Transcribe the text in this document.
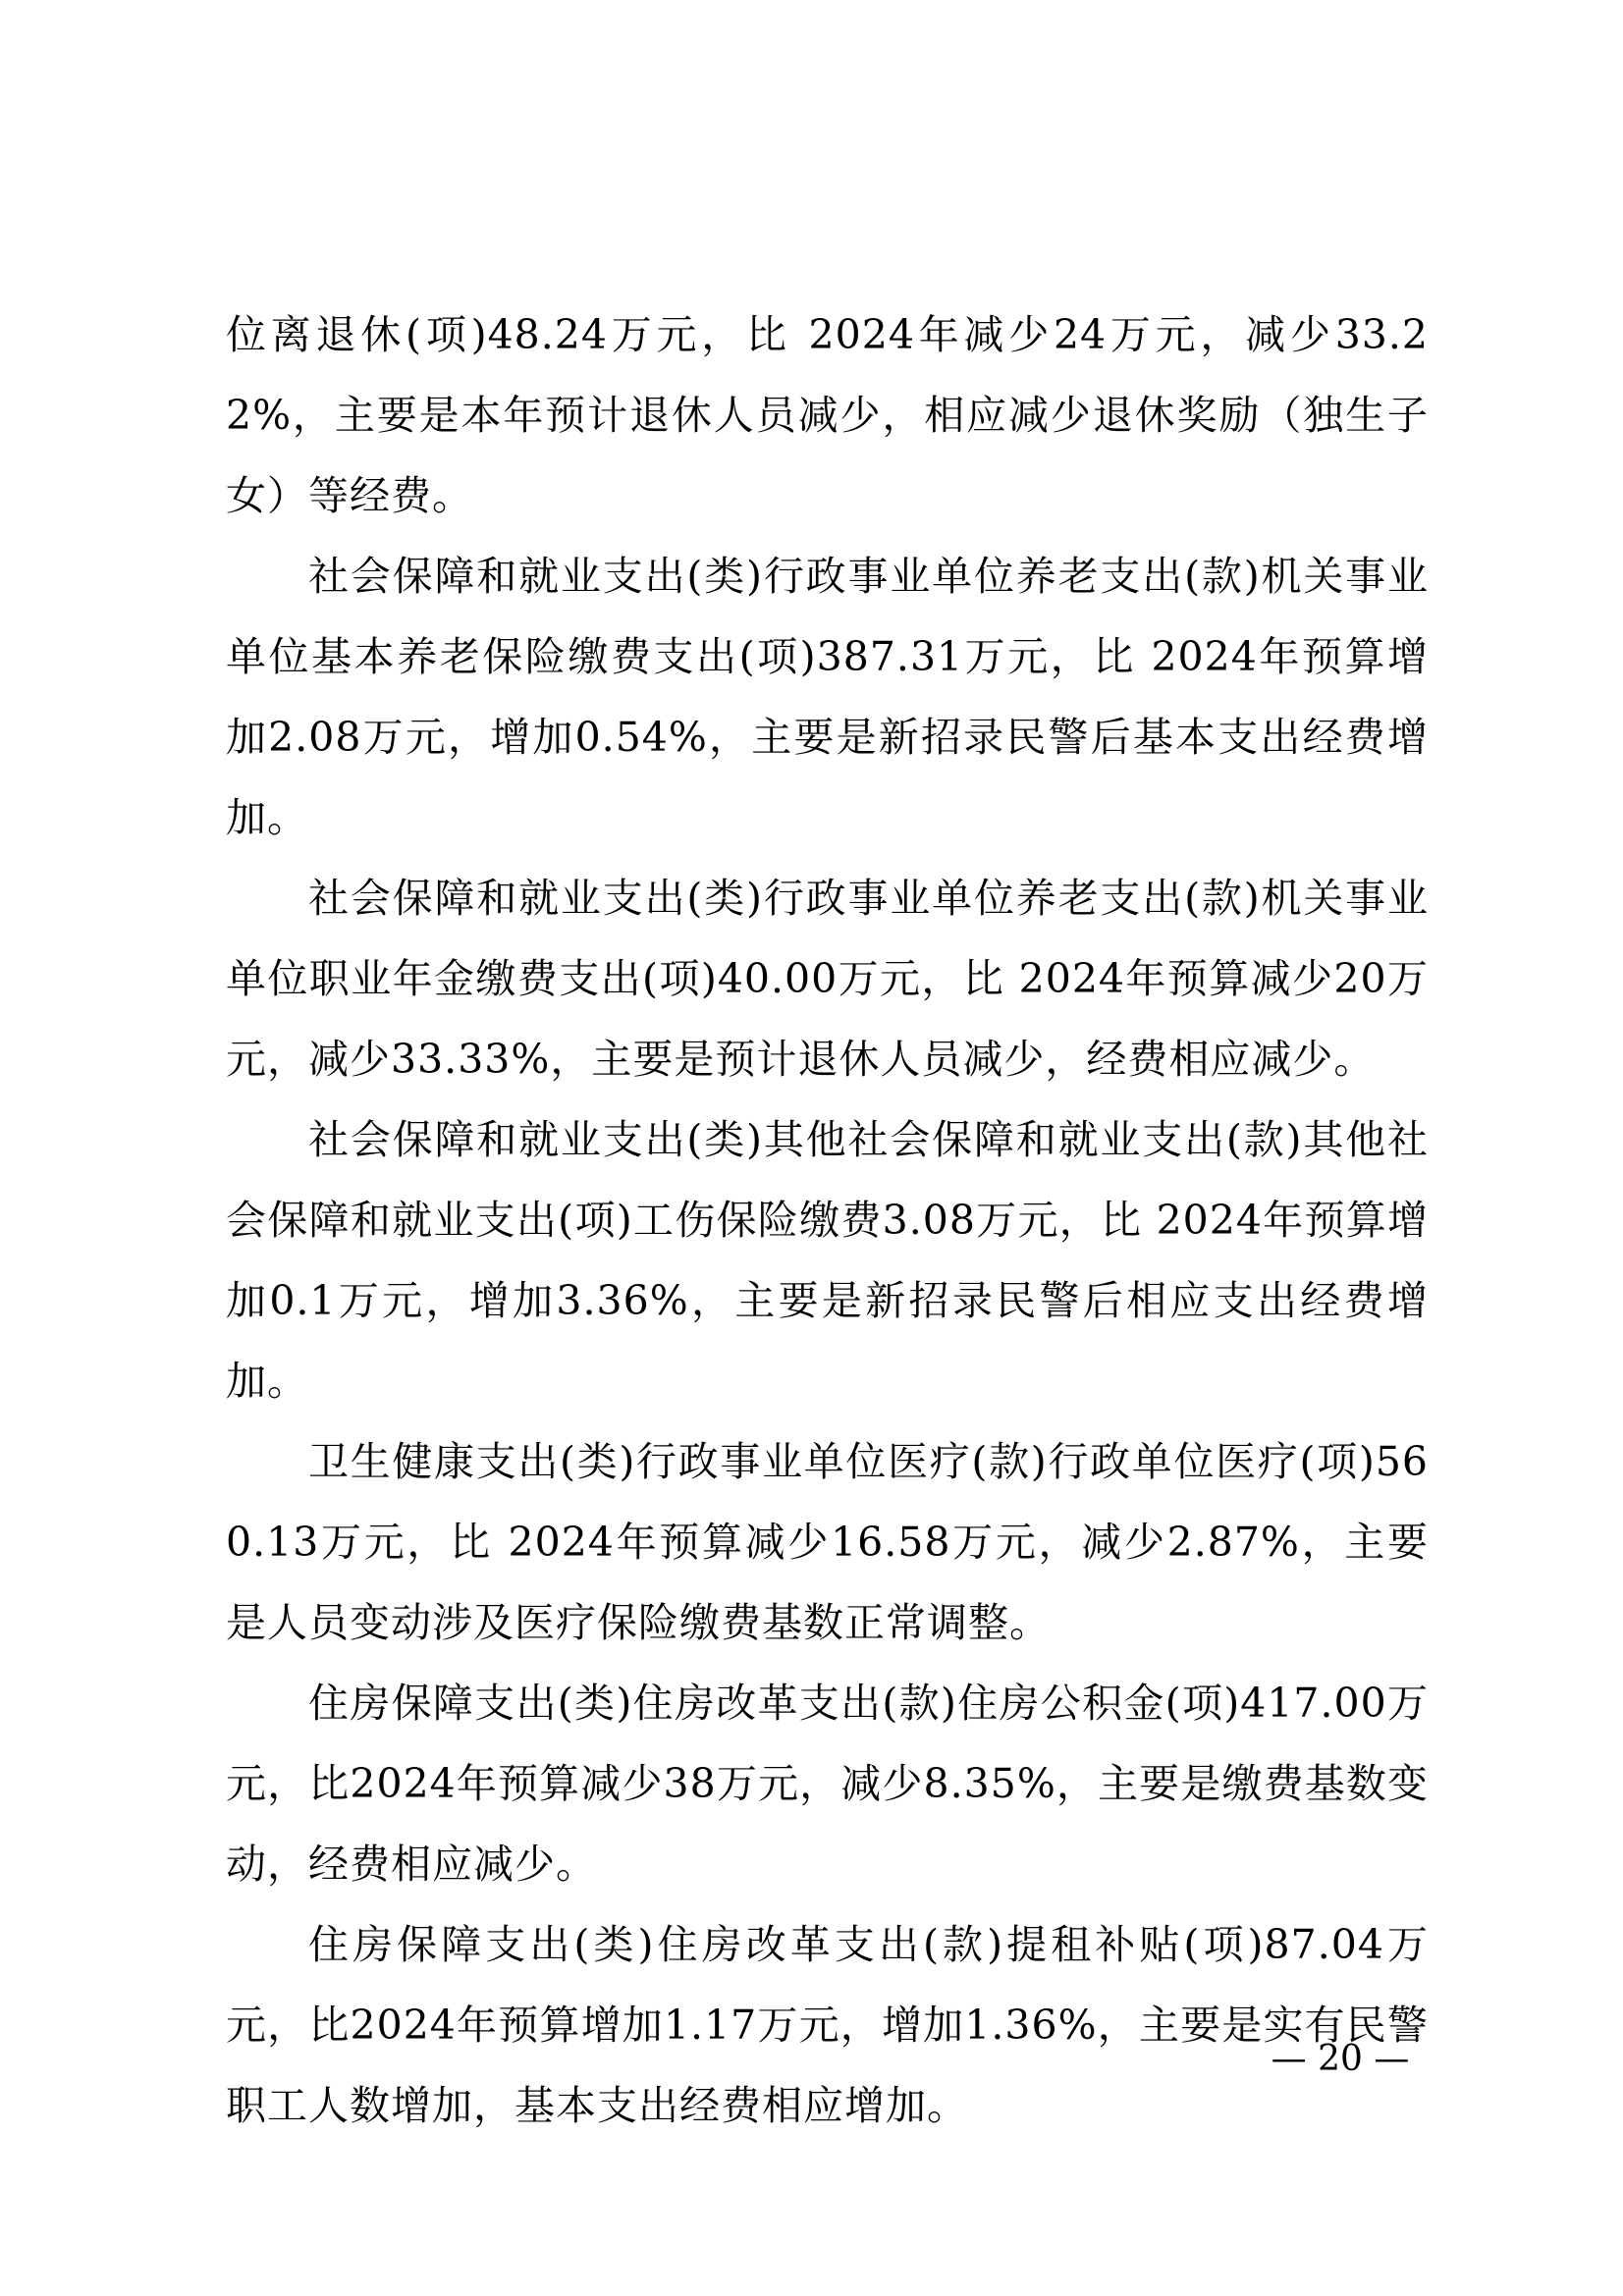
位离退休(项)48.24万元，比 2024年减少24万元，减少33.22%，主要是本年预计退休人员减少，相应减少退休奖励（独生子女）等经费。

社会保障和就业支出(类)行政事业单位养老支出(款)机关事业单位基本养老保险缴费支出(项)387.31万元，比 2024年预算增加2.08万元，增加0.54%，主要是新招录民警后基本支出经费增加。

社会保障和就业支出(类)行政事业单位养老支出(款)机关事业单位职业年金缴费支出(项)40.00万元，比 2024年预算减少20万元，减少33.33%，主要是预计退休人员减少，经费相应减少。

社会保障和就业支出(类)其他社会保障和就业支出(款)其他社会保障和就业支出(项)工伤保险缴费3.08万元，比 2024年预算增加0.1万元，增加3.36%，主要是新招录民警后相应支出经费增加。

卫生健康支出(类)行政事业单位医疗(款)行政单位医疗(项)560.13万元，比 2024年预算减少16.58万元，减少2.87%，主要是人员变动涉及医疗保险缴费基数正常调整。

住房保障支出(类)住房改革支出(款)住房公积金(项)417.00万元，比2024年预算减少38万元，减少8.35%，主要是缴费基数变动，经费相应减少。

住房保障支出(类)住房改革支出(款)提租补贴(项)87.04万元，比2024年预算增加1.17万元，增加1.36%，主要是实有民警职工人数增加，基本支出经费相应增加。

— 20 —
